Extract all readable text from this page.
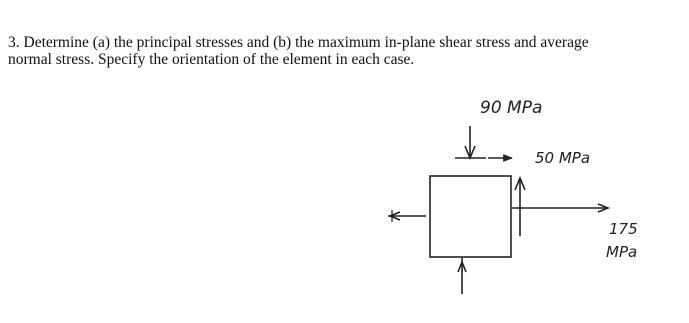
3. Determine (a) the principal stresses and (b) the maximum in-plane shear stress and average
normal stress. Specify the orientation of the element in each case.
90 MPa
50 MPa
175
MPa
